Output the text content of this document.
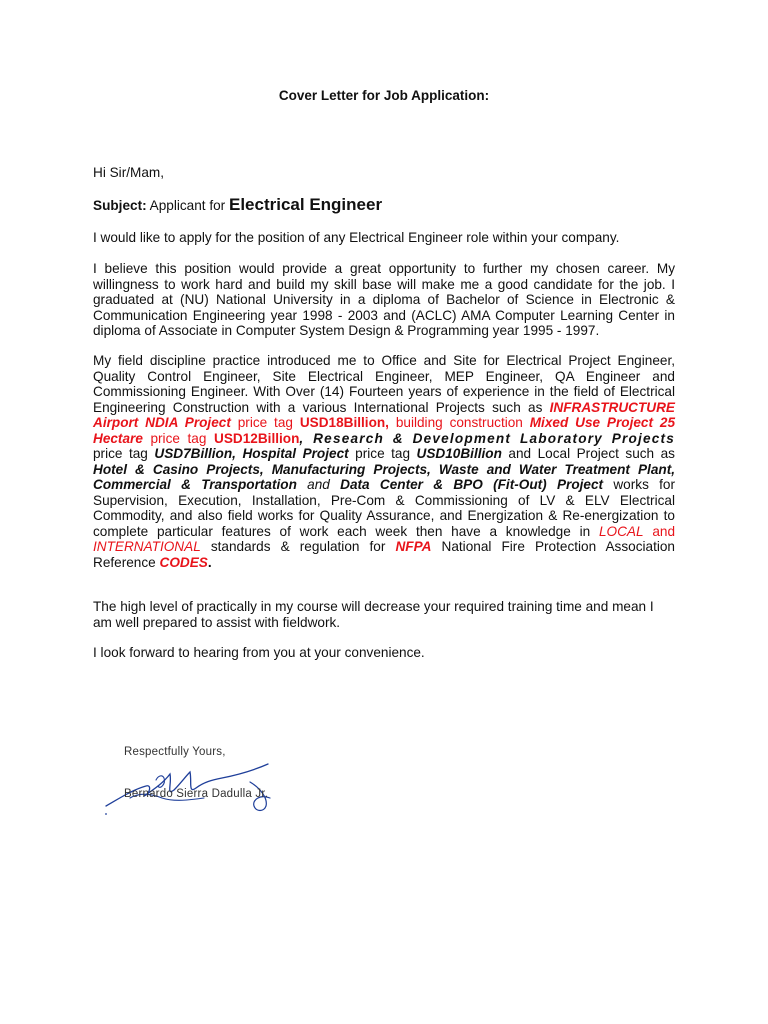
Cover Letter for Job Application:
Hi Sir/Mam,
Subject: Applicant for Electrical Engineer
I would like to apply for the position of any Electrical Engineer role within your company.
I believe this position would provide a great opportunity to further my chosen career. My willingness to work hard and build my skill base will make me a good candidate for the job. I graduated at (NU) National University in a diploma of Bachelor of Science in Electronic & Communication Engineering year 1998 - 2003 and (ACLC) AMA Computer Learning Center in diploma of Associate in Computer System Design & Programming year 1995 - 1997.
My field discipline practice introduced me to Office and Site for Electrical Project Engineer, Quality Control Engineer, Site Electrical Engineer, MEP Engineer, QA Engineer and Commissioning Engineer. With Over (14) Fourteen years of experience in the field of Electrical Engineering Construction with a various International Projects such as INFRASTRUCTURE Airport NDIA Project price tag USD18Billion, building construction Mixed Use Project 25 Hectare price tag USD12Billion, Research & Development Laboratory Projects price tag USD7Billion, Hospital Project price tag USD10Billion and Local Project such as Hotel & Casino Projects, Manufacturing Projects, Waste and Water Treatment Plant, Commercial & Transportation and Data Center & BPO (Fit-Out) Project works for Supervision, Execution, Installation, Pre-Com & Commissioning of LV & ELV Electrical Commodity, and also field works for Quality Assurance, and Energization & Re-energization to complete particular features of work each week then have a knowledge in LOCAL and INTERNATIONAL standards & regulation for NFPA National Fire Protection Association Reference CODES.
The high level of practically in my course will decrease your required training time and mean I am well prepared to assist with fieldwork.
I look forward to hearing from you at your convenience.
Respectfully Yours,
Bernardo Sierra Dadulla Jr.
